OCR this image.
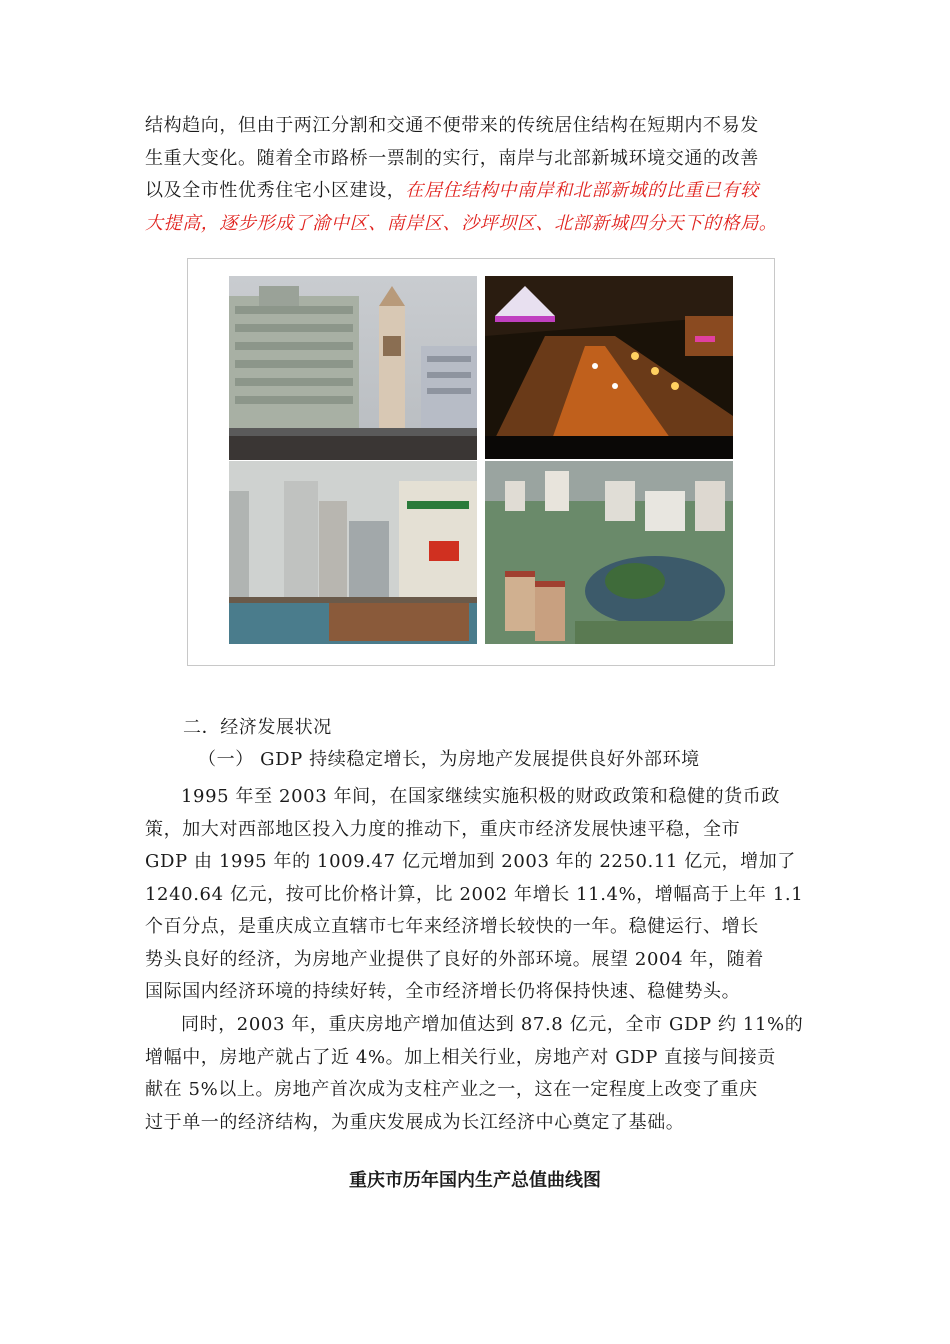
结构趋向，但由于两江分割和交通不便带来的传统居住结构在短期内不易发
生重大变化。随着全市路桥一票制的实行，南岸与北部新城环境交通的改善
以及全市性优秀住宅小区建设，在居住结构中南岸和北部新城的比重已有较
大提高，逐步形成了渝中区、南岸区、沙坪坝区、北部新城四分天下的格局。
二．经济发展状况
（一） GDP 持续稳定增长，为房地产发展提供良好外部环境
1995 年至 2003 年间，在国家继续实施积极的财政政策和稳健的货币政
策，加大对西部地区投入力度的推动下，重庆市经济发展快速平稳，全市
GDP 由 1995 年的 1009.47 亿元增加到 2003 年的 2250.11 亿元，增加了
1240.64 亿元，按可比价格计算，比 2002 年增长 11.4%，增幅高于上年 1.1
个百分点，是重庆成立直辖市七年来经济增长较快的一年。稳健运行、增长
势头良好的经济，为房地产业提供了良好的外部环境。展望 2004 年，随着
国际国内经济环境的持续好转，全市经济增长仍将保持快速、稳健势头。
同时，2003 年，重庆房地产增加值达到 87.8 亿元，全市 GDP 约 11%的
增幅中，房地产就占了近 4%。加上相关行业，房地产对 GDP 直接与间接贡
献在 5%以上。房地产首次成为支柱产业之一，这在一定程度上改变了重庆
过于单一的经济结构，为重庆发展成为长江经济中心奠定了基础。
重庆市历年国内生产总值曲线图
